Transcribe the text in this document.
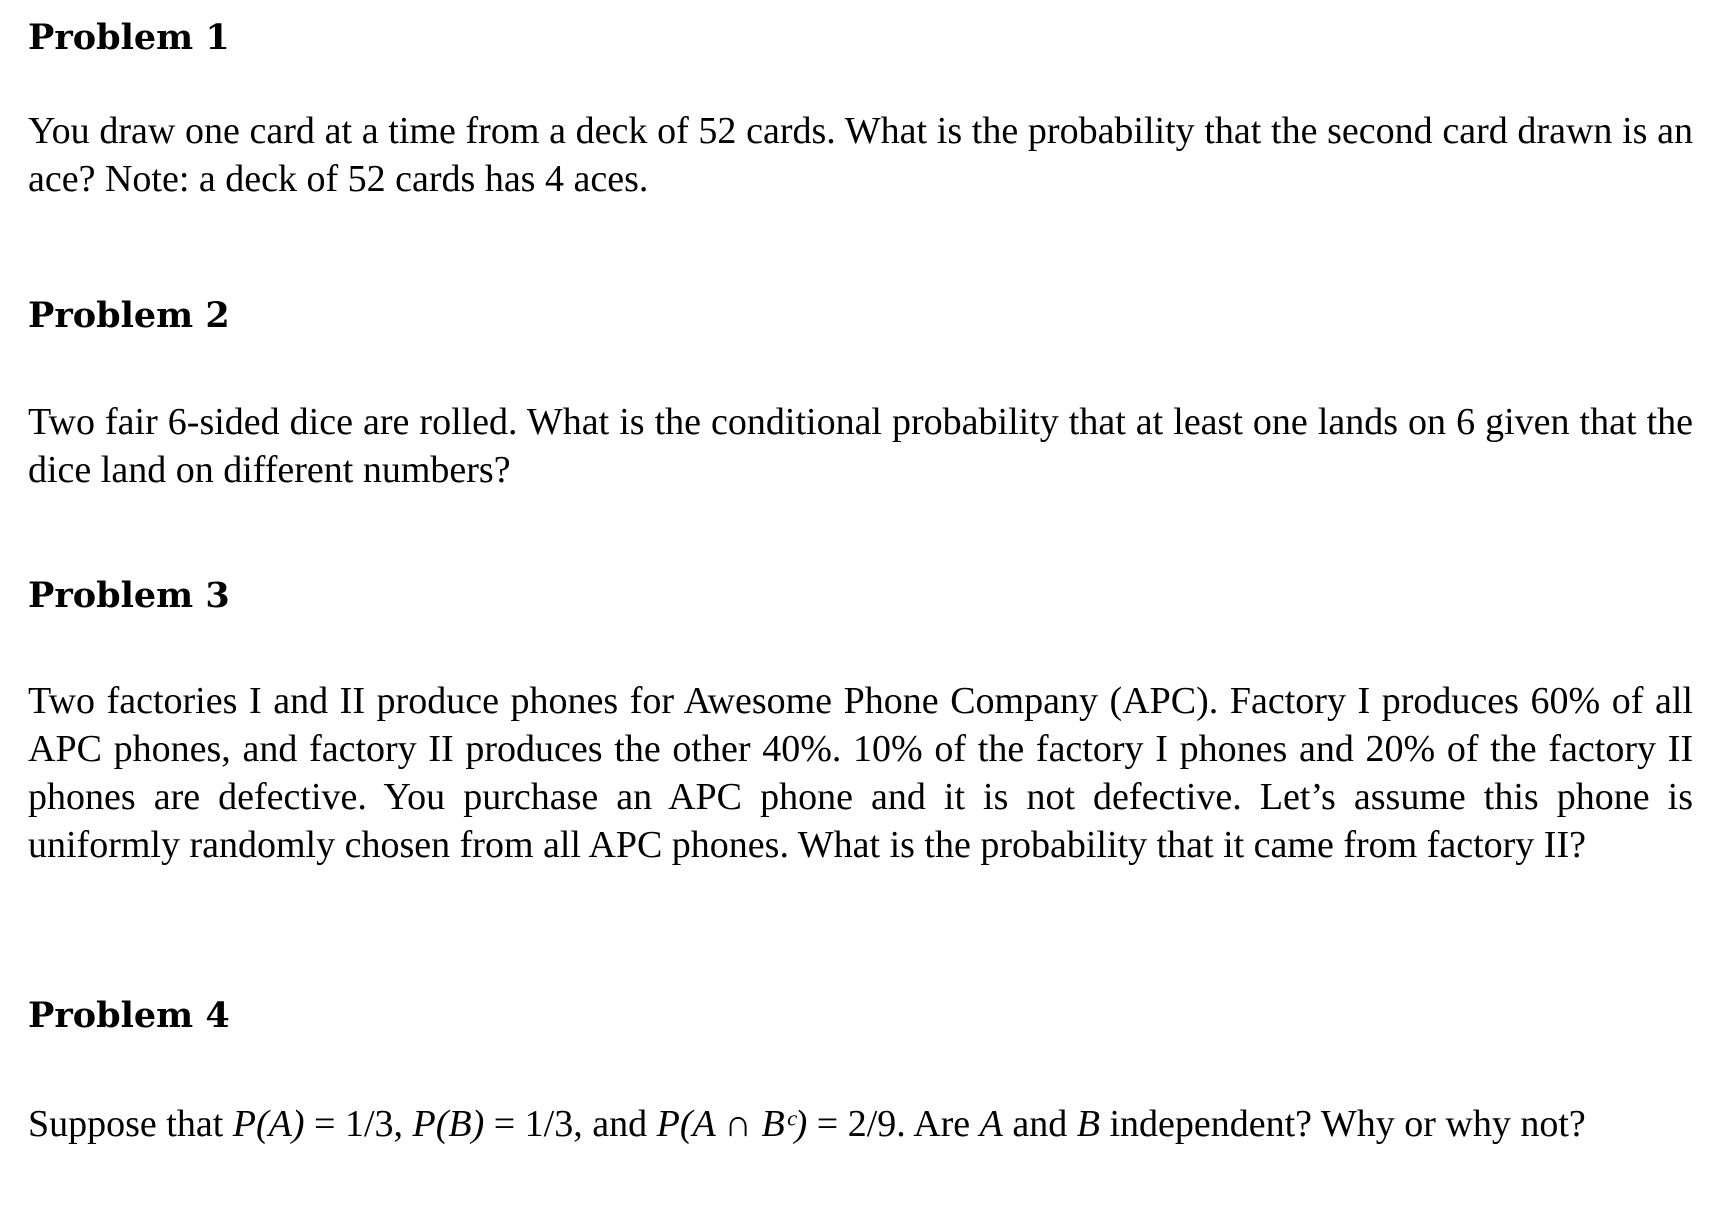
Problem 1

You draw one card at a time from a deck of 52 cards. What is the probability that the second card drawn is an ace? Note: a deck of 52 cards has 4 aces.

Problem 2

Two fair 6-sided dice are rolled. What is the conditional probability that at least one lands on 6 given that the dice land on different numbers?

Problem 3

Two factories I and II produce phones for Awesome Phone Company (APC). Factory I produces 60% of all APC phones, and factory II produces the other 40%. 10% of the factory I phones and 20% of the factory II phones are defective. You purchase an APC phone and it is not defective. Let’s assume this phone is uniformly randomly chosen from all APC phones. What is the probability that it came from factory II?

Problem 4

Suppose that P(A) = 1/3, P(B) = 1/3, and P(A ∩ Bᶜ) = 2/9. Are A and B independent? Why or why not?
